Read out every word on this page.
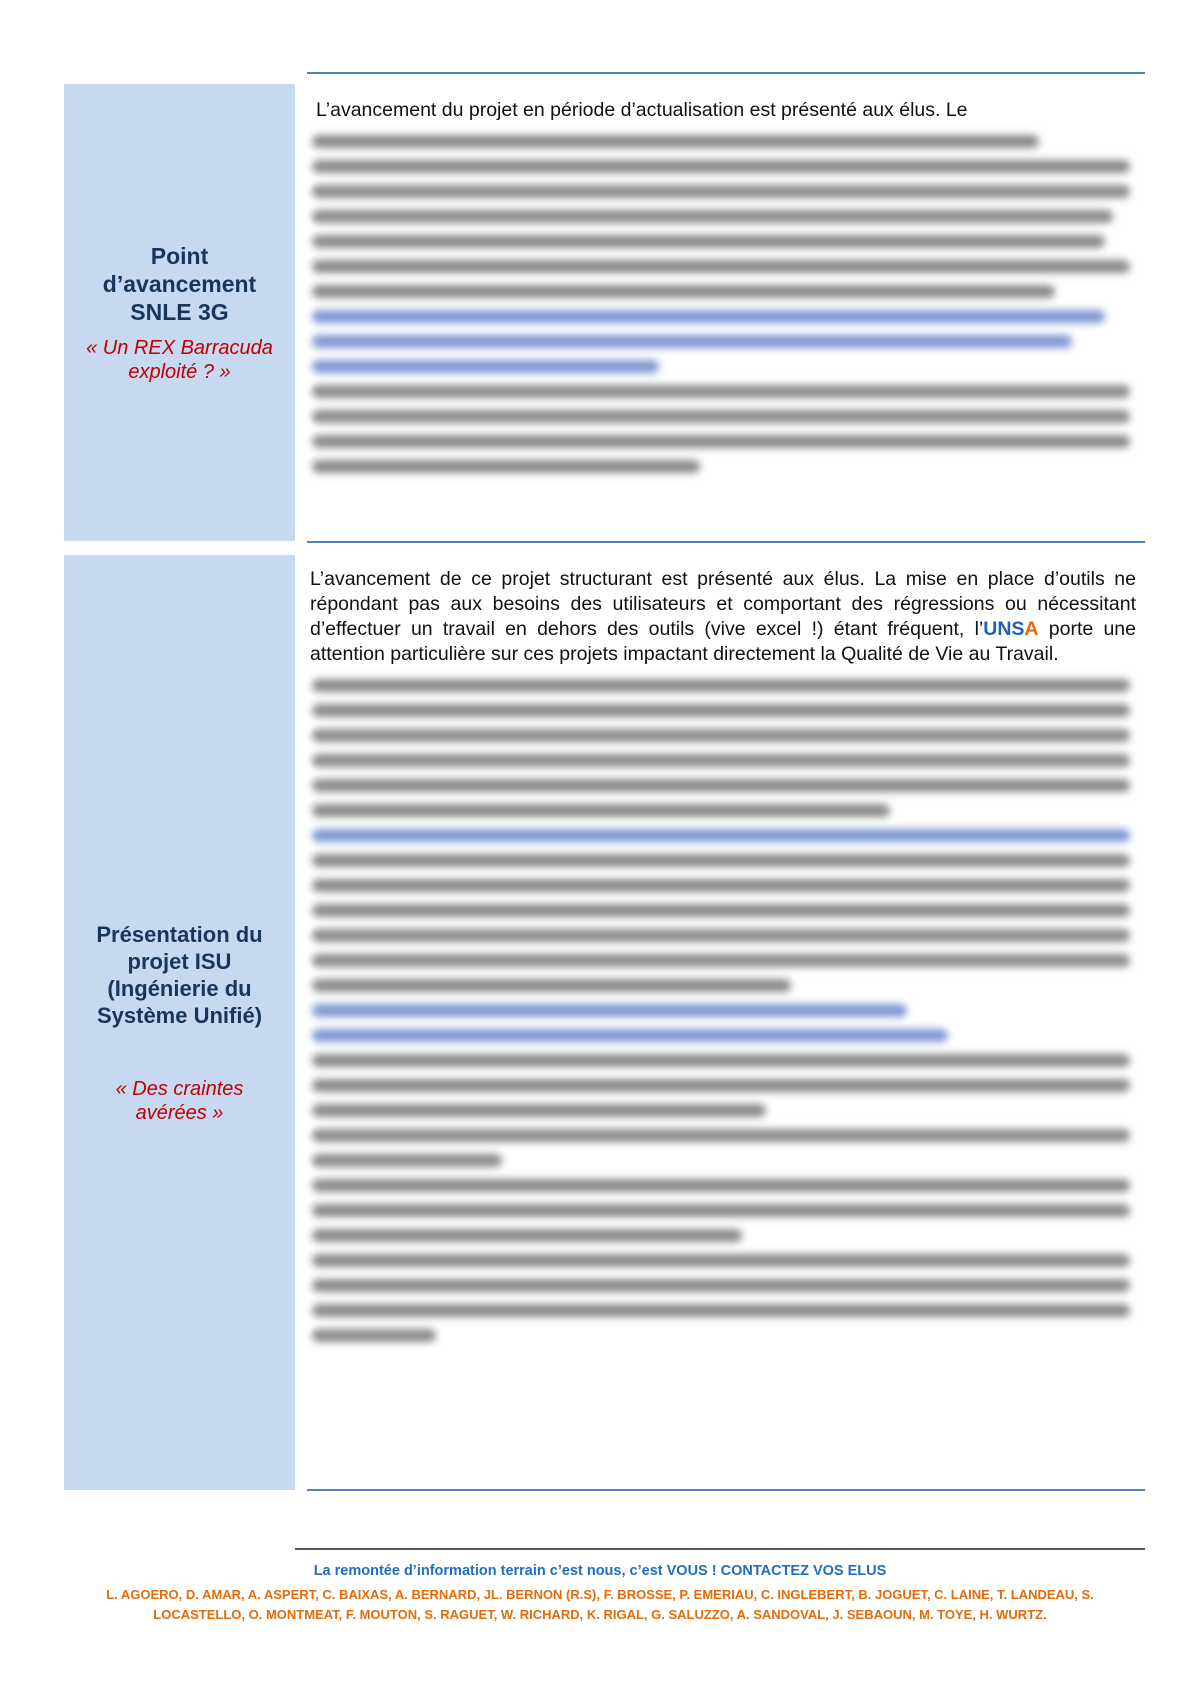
Point d’avancement SNLE 3G
« Un REX Barracuda exploité ? »

L’avancement du projet en période d’actualisation est présenté aux élus. Le

Présentation du projet ISU (Ingénierie du Système Unifié)
« Des craintes avérées »

L’avancement de ce projet structurant est présenté aux élus. La mise en place d’outils ne répondant pas aux besoins des utilisateurs et comportant des régressions ou nécessitant d’effectuer un travail en dehors des outils (vive excel !) étant fréquent, l’UNSA porte une attention particulière sur ces projets impactant directement la Qualité de Vie au Travail.

La remontée d’information terrain c’est nous, c’est VOUS ! CONTACTEZ VOS ELUS
L. AGOERO, D. AMAR, A. ASPERT, C. BAIXAS, A. BERNARD, JL. BERNON (R.S), F. BROSSE, P. EMERIAU, C. INGLEBERT, B. JOGUET, C. LAINE, T. LANDEAU, S. LOCASTELLO, O. MONTMEAT, F. MOUTON, S. RAGUET, W. RICHARD, K. RIGAL, G. SALUZZO, A. SANDOVAL, J. SEBAOUN, M. TOYE, H. WURTZ.
